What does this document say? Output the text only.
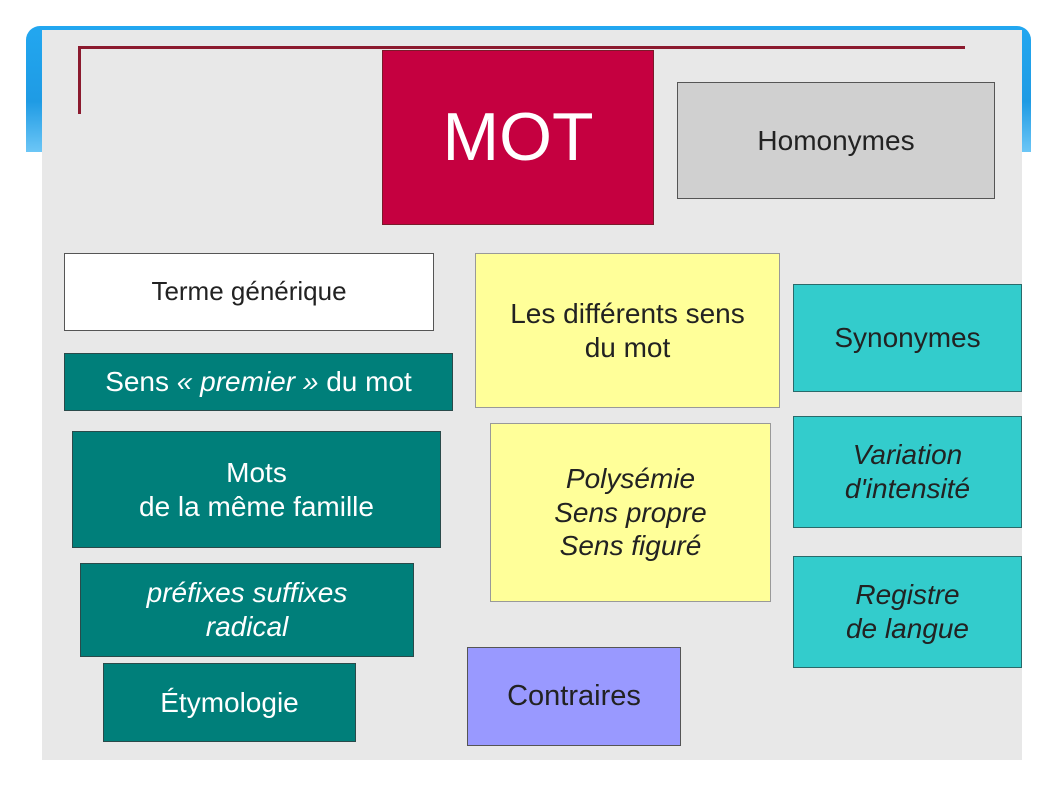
MOT	Homonymes
Terme générique
Sens « premier » du mot
Mots
de la même famille
préfixes suffixes
radical
Étymologie
Les différents sens
du mot
Polysémie
Sens propre
Sens figuré
Contraires
Synonymes
Variation
d'intensité
Registre
de langue
